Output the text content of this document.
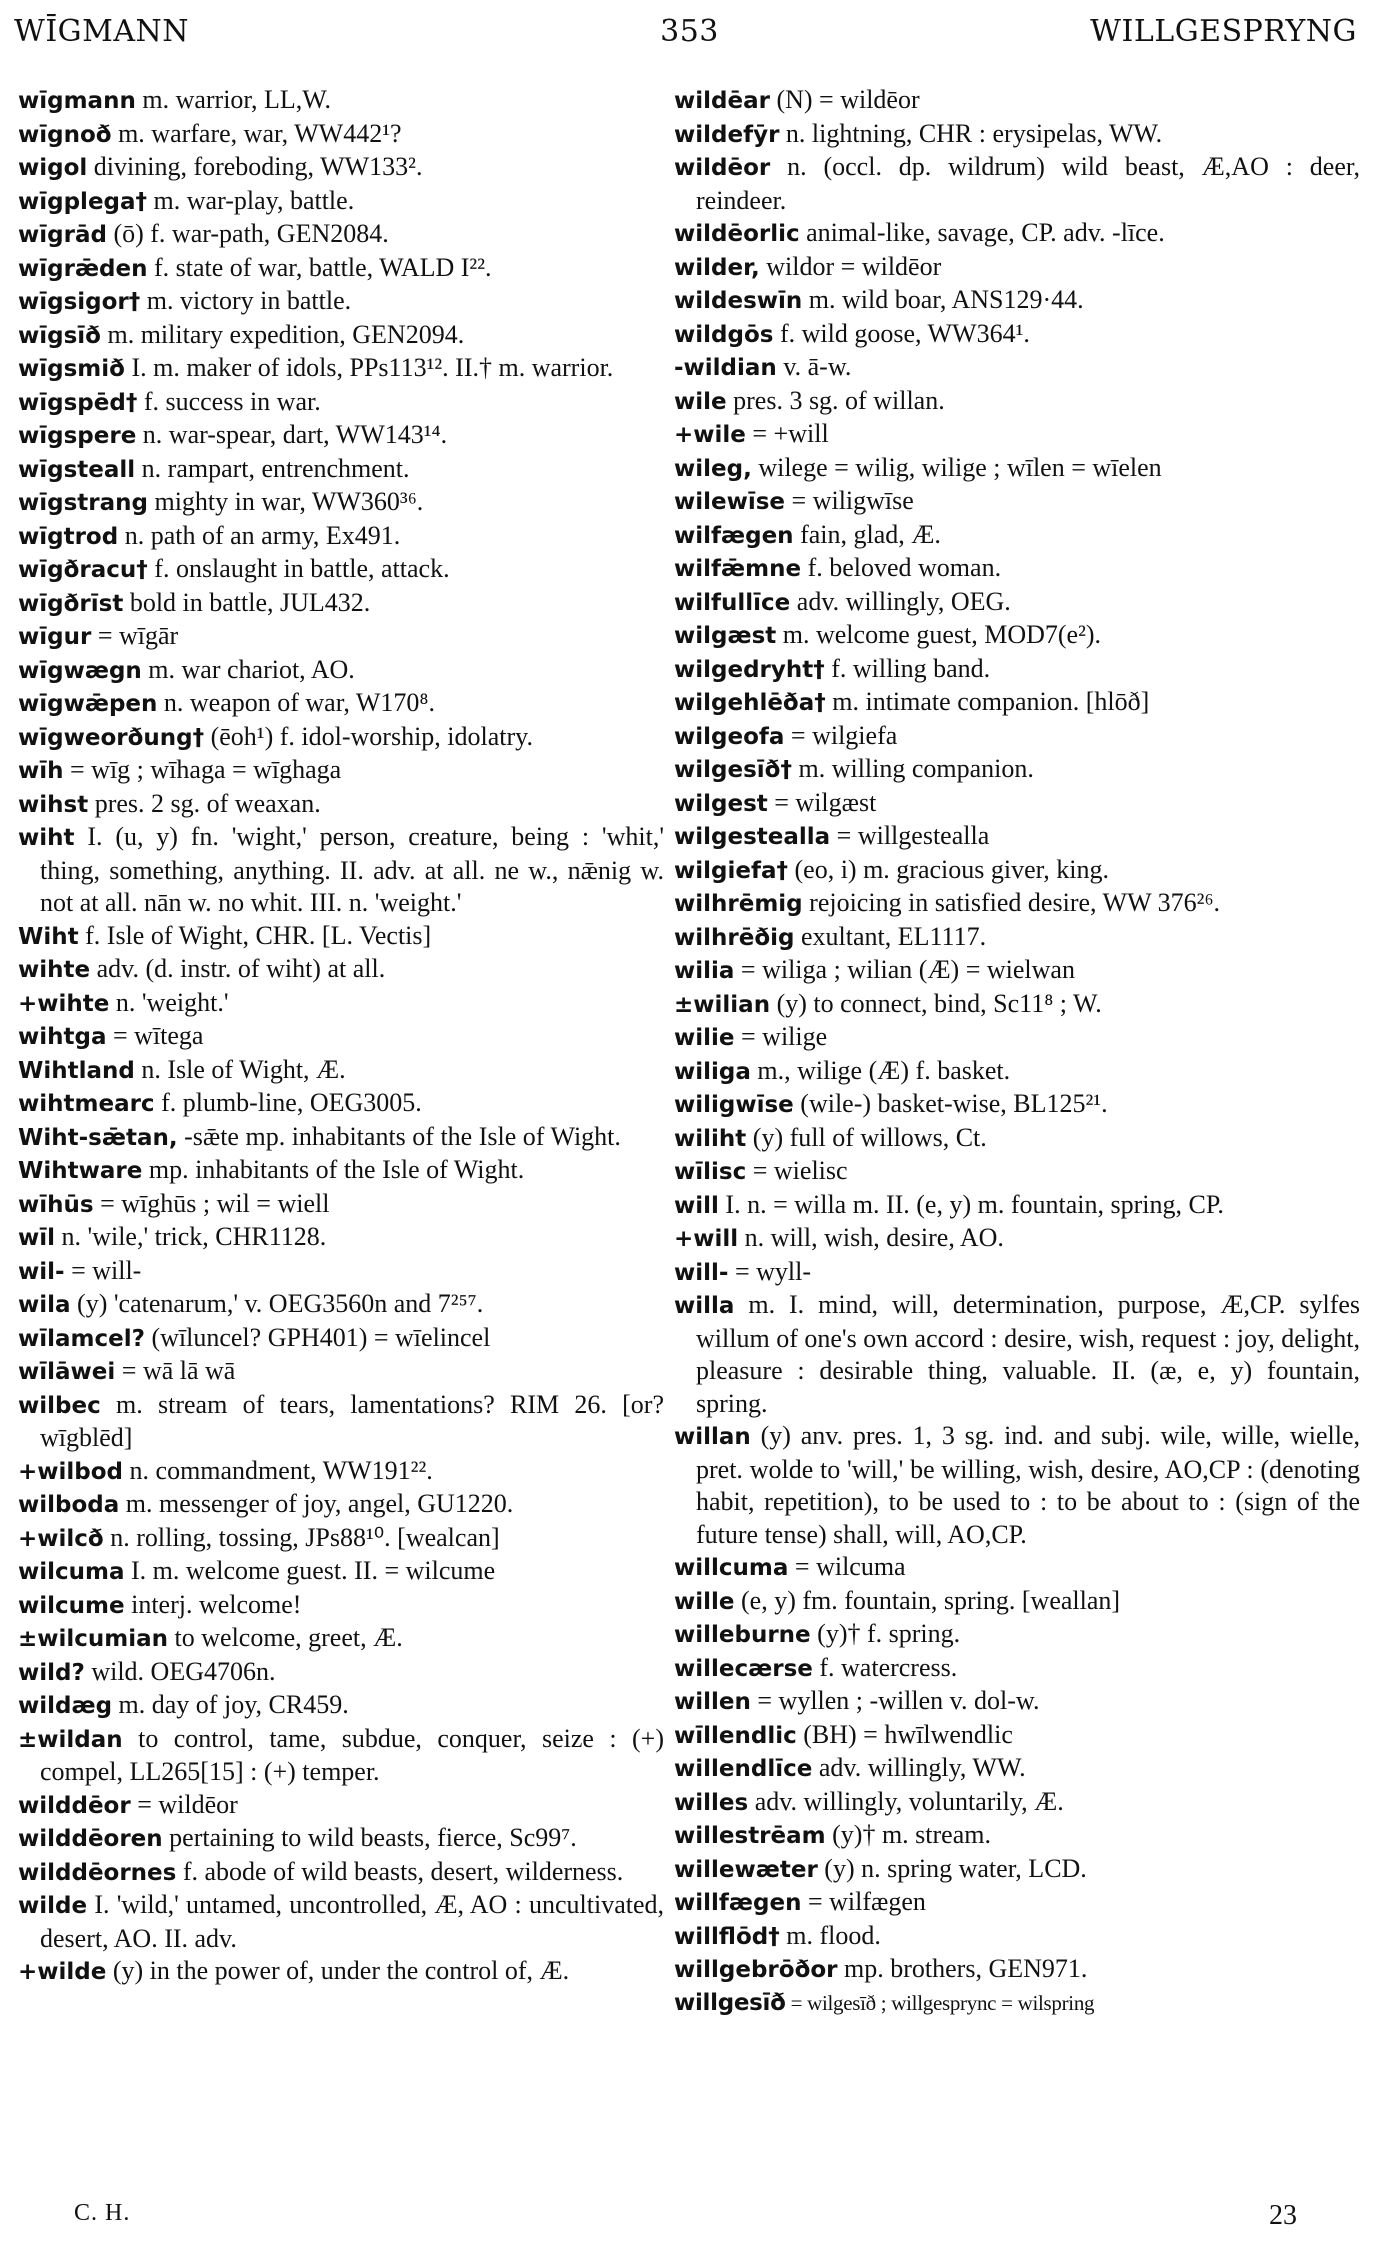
WĪGMANN	353	WILLGESPRYNG

wīgmann m. warrior, LL,W.

wīgnoð m. warfare, war, WW442¹?

wigol divining, foreboding, WW133².

wīgplega† m. war-play, battle.

wīgrād (ō) f. war-path, GEN2084.

wīgrǣden f. state of war, battle, WALD I²².

wīgsigor† m. victory in battle.

wīgsīð m. military expedition, GEN2094.

wīgsmið I. m. maker of idols, PPs113¹². II.† m. warrior.

wīgspēd† f. success in war.

wīgspere n. war-spear, dart, WW143¹⁴.

wīgsteall n. rampart, entrenchment.

wīgstrang mighty in war, WW360³⁶.

wīgtrod n. path of an army, Ex491.

wīgðracu† f. onslaught in battle, attack.

wīgðrīst bold in battle, JUL432.

wīgur = wīgār

wīgwægn m. war chariot, AO.

wīgwǣpen n. weapon of war, W170⁸.

wīgweorðung† (ēoh¹) f. idol-worship, idolatry.

wīh = wīg ; wīhaga = wīghaga

wihst pres. 2 sg. of weaxan.

wiht I. (u, y) fn. 'wight,' person, creature, being : 'whit,' thing, something, anything. II. adv. at all. ne w., nǣnig w. not at all. nān w. no whit. III. n. 'weight.'

Wiht f. Isle of Wight, CHR. [L. Vectis]

wihte adv. (d. instr. of wiht) at all.

+wihte n. 'weight.'

wihtga = wītega

Wihtland n. Isle of Wight, Æ.

wihtmearc f. plumb-line, OEG3005.

Wiht-sǣtan, -sǣte mp. inhabitants of the Isle of Wight.

Wihtware mp. inhabitants of the Isle of Wight.

wīhūs = wīghūs ; wil = wiell

wīl n. 'wile,' trick, CHR1128.

wil- = will-

wila (y) 'catenarum,' v. OEG3560n and 7²⁵⁷.

wīlamcel? (wīluncel? GPH401) = wīelincel

wīlāwei = wā lā wā

wilbec m. stream of tears, lamentations? RIM 26. [or? wīgblēd]

+wilbod n. commandment, WW191²².

wilboda m. messenger of joy, angel, GU1220.

+wilcð n. rolling, tossing, JPs88¹⁰. [wealcan]

wilcuma I. m. welcome guest. II. = wilcume

wilcume interj. welcome!

±wilcumian to welcome, greet, Æ.

wild? wild. OEG4706n.

wildæg m. day of joy, CR459.

±wildan to control, tame, subdue, conquer, seize : (+) compel, LL265[15] : (+) temper.

wilddēor = wildēor

wilddēoren pertaining to wild beasts, fierce, Sc99⁷.

wilddēornes f. abode of wild beasts, desert, wilderness.

wilde I. 'wild,' untamed, uncontrolled, Æ, AO : uncultivated, desert, AO. II. adv.

+wilde (y) in the power of, under the control of, Æ.

wildēar (N) = wildēor

wildefȳr n. lightning, CHR : erysipelas, WW.

wildēor n. (occl. dp. wildrum) wild beast, Æ,AO : deer, reindeer.

wildēorlic animal-like, savage, CP. adv. -līce.

wilder, wildor = wildēor

wildeswīn m. wild boar, ANS129·44.

wildgōs f. wild goose, WW364¹.

-wildian v. ā-w.

wile pres. 3 sg. of willan.

+wile = +will

wileg, wilege = wilig, wilige ; wīlen = wīelen

wilewīse = wiligwīse

wilfægen fain, glad, Æ.

wilfǣmne f. beloved woman.

wilfullīce adv. willingly, OEG.

wilgæst m. welcome guest, MOD7(e²).

wilgedryht† f. willing band.

wilgehlēða† m. intimate companion. [hlōð]

wilgeofa = wilgiefa

wilgesīð† m. willing companion.

wilgest = wilgæst

wilgestealla = willgestealla

wilgiefa† (eo, i) m. gracious giver, king.

wilhrēmig rejoicing in satisfied desire, WW 376²⁶.

wilhrēðig exultant, EL1117.

wilia = wiliga ; wilian (Æ) = wielwan

±wilian (y) to connect, bind, Sc11⁸ ; W.

wilie = wilige

wiliga m., wilige (Æ) f. basket.

wiligwīse (wile-) basket-wise, BL125²¹.

wiliht (y) full of willows, Ct.

wīlisc = wielisc

will I. n. = willa m. II. (e, y) m. fountain, spring, CP.

+will n. will, wish, desire, AO.

will- = wyll-

willa m. I. mind, will, determination, purpose, Æ,CP. sylfes willum of one's own accord : desire, wish, request : joy, delight, pleasure : desirable thing, valuable. II. (æ, e, y) fountain, spring.

willan (y) anv. pres. 1, 3 sg. ind. and subj. wile, wille, wielle, pret. wolde to 'will,' be willing, wish, desire, AO,CP : (denoting habit, repetition), to be used to : to be about to : (sign of the future tense) shall, will, AO,CP.

willcuma = wilcuma

wille (e, y) fm. fountain, spring. [weallan]

willeburne (y)† f. spring.

willecærse f. watercress.

willen = wyllen ; -willen v. dol-w.

wīllendlic (BH) = hwīlwendlic

willendlīce adv. willingly, WW.

willes adv. willingly, voluntarily, Æ.

willestrēam (y)† m. stream.

willewæter (y) n. spring water, LCD.

willfægen = wilfægen

willflōd† m. flood.

willgebrōðor mp. brothers, GEN971.

willgesīð = wilgesīð ; willgesprync = wilspring

C. H.	23
